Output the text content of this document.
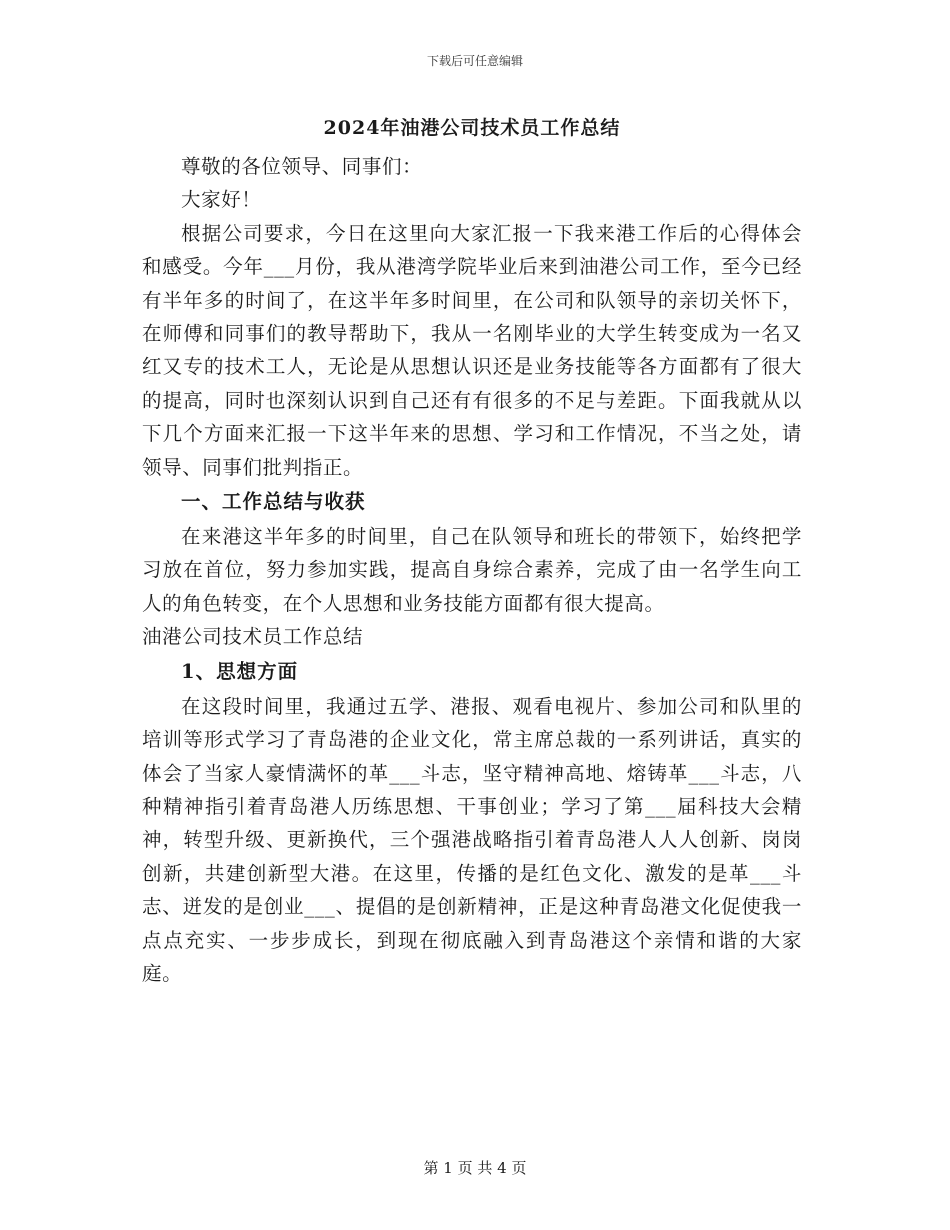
下载后可任意编辑
2024年油港公司技术员工作总结

尊敬的各位领导、同事们：

大家好！

根据公司要求，今日在这里向大家汇报一下我来港工作后的心得体会和感受。今年___月份，我从港湾学院毕业后来到油港公司工作，至今已经有半年多的时间了，在这半年多时间里，在公司和队领导的亲切关怀下，在师傅和同事们的教导帮助下，我从一名刚毕业的大学生转变成为一名又红又专的技术工人，无论是从思想认识还是业务技能等各方面都有了很大的提高，同时也深刻认识到自己还有有很多的不足与差距。下面我就从以下几个方面来汇报一下这半年来的思想、学习和工作情况，不当之处，请领导、同事们批判指正。

一、工作总结与收获

在来港这半年多的时间里，自己在队领导和班长的带领下，始终把学习放在首位，努力参加实践，提高自身综合素养，完成了由一名学生向工人的角色转变，在个人思想和业务技能方面都有很大提高。

油港公司技术员工作总结

1、思想方面

在这段时间里，我通过五学、港报、观看电视片、参加公司和队里的培训等形式学习了青岛港的企业文化，常主席总裁的一系列讲话，真实的体会了当家人豪情满怀的革___斗志，坚守精神高地、熔铸革___斗志，八种精神指引着青岛港人历练思想、干事创业；学习了第___届科技大会精神，转型升级、更新换代，三个强港战略指引着青岛港人人人创新、岗岗创新，共建创新型大港。在这里，传播的是红色文化、激发的是革___斗志、迸发的是创业___、提倡的是创新精神，正是这种青岛港文化促使我一点点充实、一步步成长，到现在彻底融入到青岛港这个亲情和谐的大家庭。

第 1 页 共 4 页
